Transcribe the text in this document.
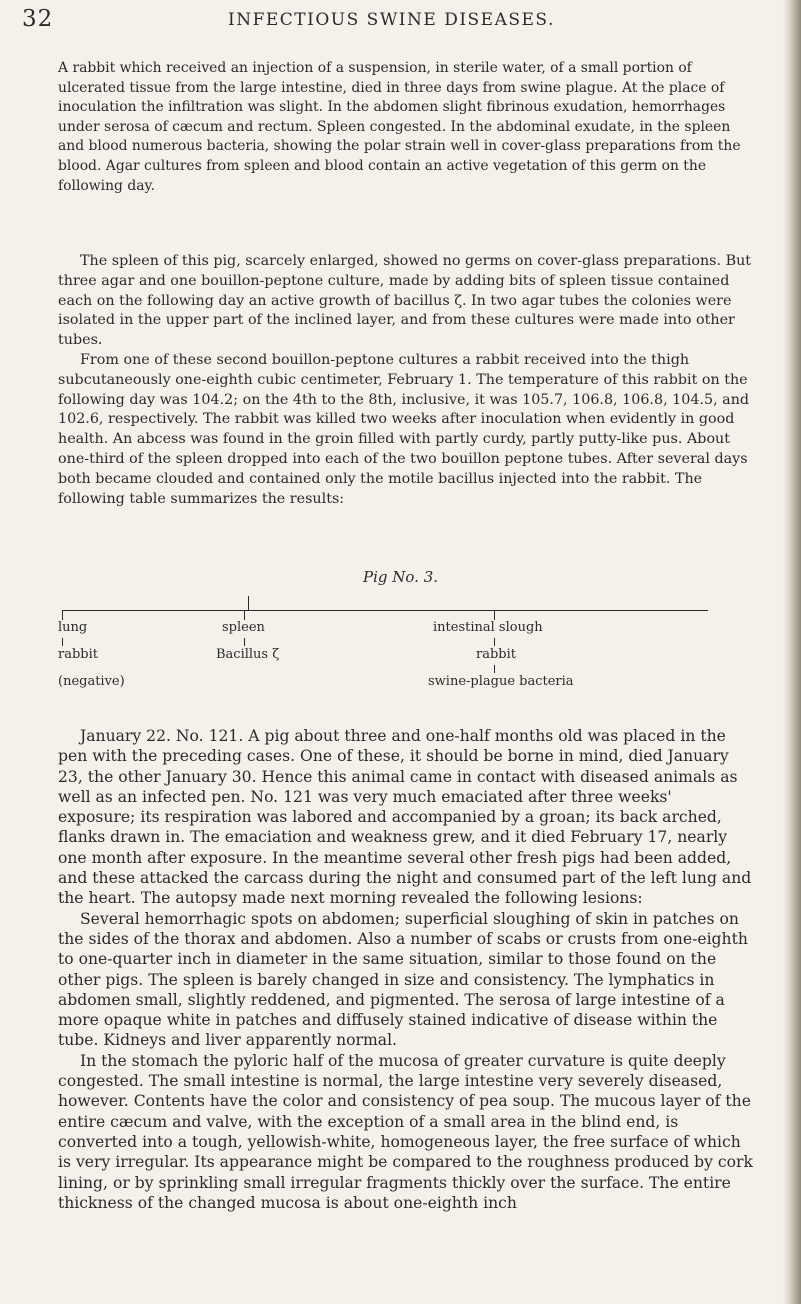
32	INFECTIOUS SWINE DISEASES.

A rabbit which received an injection of a suspension, in sterile water, of a small portion of ulcerated tissue from the large intestine, died in three days from swine plague. At the place of inoculation the infiltration was slight. In the abdomen slight fibrinous exudation, hemorrhages under serosa of cæcum and rectum. Spleen congested. In the abdominal exudate, in the spleen and blood numerous bacteria, showing the polar strain well in cover-glass preparations from the blood. Agar cultures from spleen and blood contain an active vegetation of this germ on the following day.

The spleen of this pig, scarcely enlarged, showed no germs on cover-glass preparations. But three agar and one bouillon-peptone culture, made by adding bits of spleen tissue contained each on the following day an active growth of bacillus ζ. In two agar tubes the colonies were isolated in the upper part of the inclined layer, and from these cultures were made into other tubes.

From one of these second bouillon-peptone cultures a rabbit received into the thigh subcutaneously one-eighth cubic centimeter, February 1. The temperature of this rabbit on the following day was 104.2; on the 4th to the 8th, inclusive, it was 105.7, 106.8, 106.8, 104.5, and 102.6, respectively. The rabbit was killed two weeks after inoculation when evidently in good health. An abcess was found in the groin filled with partly curdy, partly putty-like pus. About one-third of the spleen dropped into each of the two bouillon peptone tubes. After several days both became clouded and contained only the motile bacillus injected into the rabbit. The following table summarizes the results:

Pig No. 3.
lung
rabbit
(negative)
spleen
Bacillus ζ
intestinal slough
rabbit
swine-plague bacteria

January 22. No. 121. A pig about three and one-half months old was placed in the pen with the preceding cases. One of these, it should be borne in mind, died January 23, the other January 30. Hence this animal came in contact with diseased animals as well as an infected pen. No. 121 was very much emaciated after three weeks' exposure; its respiration was labored and accompanied by a groan; its back arched, flanks drawn in. The emaciation and weakness grew, and it died February 17, nearly one month after exposure. In the meantime several other fresh pigs had been added, and these attacked the carcass during the night and consumed part of the left lung and the heart. The autopsy made next morning revealed the following lesions:

Several hemorrhagic spots on abdomen; superficial sloughing of skin in patches on the sides of the thorax and abdomen. Also a number of scabs or crusts from one-eighth to one-quarter inch in diameter in the same situation, similar to those found on the other pigs. The spleen is barely changed in size and consistency. The lymphatics in abdomen small, slightly reddened, and pigmented. The serosa of large intestine of a more opaque white in patches and diffusely stained indicative of disease within the tube. Kidneys and liver apparently normal.

In the stomach the pyloric half of the mucosa of greater curvature is quite deeply congested. The small intestine is normal, the large intestine very severely diseased, however. Contents have the color and consistency of pea soup. The mucous layer of the entire cæcum and valve, with the exception of a small area in the blind end, is converted into a tough, yellowish-white, homogeneous layer, the free surface of which is very irregular. Its appearance might be compared to the roughness produced by cork lining, or by sprinkling small irregular fragments thickly over the surface. The entire thickness of the changed mucosa is about one-eighth inch
